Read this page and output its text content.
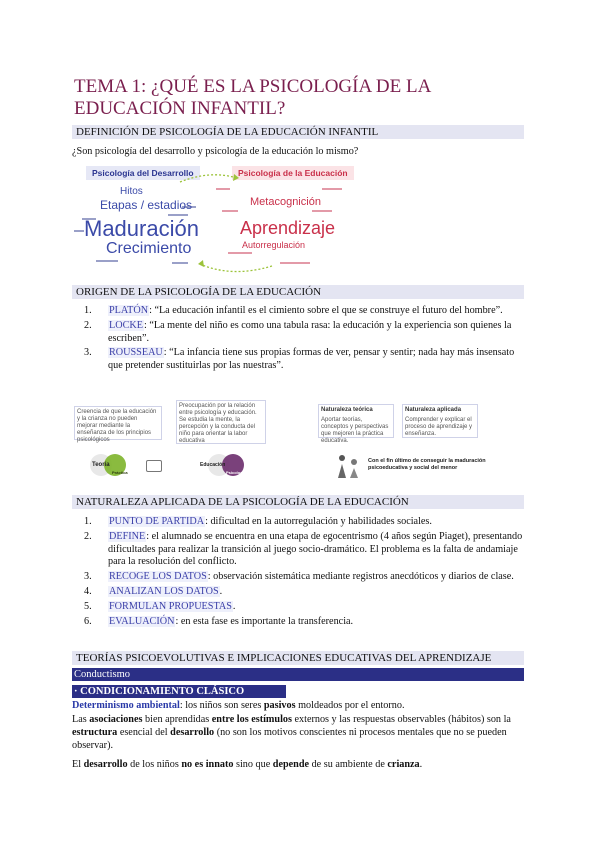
TEMA 1: ¿QUÉ ES LA PSICOLOGÍA DE LA EDUCACIÓN INFANTIL?
DEFINICIÓN DE PSICOLOGÍA DE LA EDUCACIÓN INFANTIL
¿Son psicología del desarrollo y psicología de la educación lo mismo?
Psicología del Desarrollo	Psicología de la Educación
Hitos
Etapas / estadios
Maduración
Crecimiento
Metacognición
Aprendizaje
Autorregulación
ORIGEN DE LA PSICOLOGÍA DE LA EDUCACIÓN
1. PLATÓN: “La educación infantil es el cimiento sobre el que se construye el futuro del hombre”.
2. LOCKE: “La mente del niño es como una tabula rasa: la educación y la experiencia son quienes la escriben”.
3. ROUSSEAU: “La infancia tiene sus propias formas de ver, pensar y sentir; nada hay más insensato que pretender sustituirlas por las nuestras”.
Creencia de que la educación y la crianza no pueden mejorar mediante la enseñanza de los principios psicológicos
Preocupación por la relación entre psicología y educación. Se estudia la mente, la percepción y la conducta del niño para orientar la labor educativa
Naturaleza teórica
Aportar teorías, conceptos y perspectivas que mejoren la práctica educativa.
Naturaleza aplicada
Comprender y explicar el proceso de aprendizaje y enseñanza.
Teoría
Práctica
Educación
Psicología
Con el fin último de conseguir la maduración psicoeducativa y social del menor
NATURALEZA APLICADA DE LA PSICOLOGÍA DE LA EDUCACIÓN
1. PUNTO DE PARTIDA: dificultad en la autorregulación y habilidades sociales.
2. DEFINE: el alumnado se encuentra en una etapa de egocentrismo (4 años según Piaget), presentando dificultades para realizar la transición al juego socio-dramático. El problema es la falta de andamiaje para la resolución del conflicto.
3. RECOGE LOS DATOS: observación sistemática mediante registros anecdóticos y diarios de clase.
4. ANALIZAN LOS DATOS.
5. FORMULAN PROPUESTAS.
6. EVALUACIÓN: en esta fase es importante la transferencia.
TEORÍAS PSICOEVOLUTIVAS E IMPLICACIONES EDUCATIVAS DEL APRENDIZAJE
Conductismo
· CONDICIONAMIENTO CLÁSICO
Determinismo ambiental: los niños son seres pasivos moldeados por el entorno.
Las asociaciones bien aprendidas entre los estímulos externos y las respuestas observables (hábitos) son la estructura esencial del desarrollo (no son los motivos conscientes ni procesos mentales que no se pueden observar).
El desarrollo de los niños no es innato sino que depende de su ambiente de crianza.
